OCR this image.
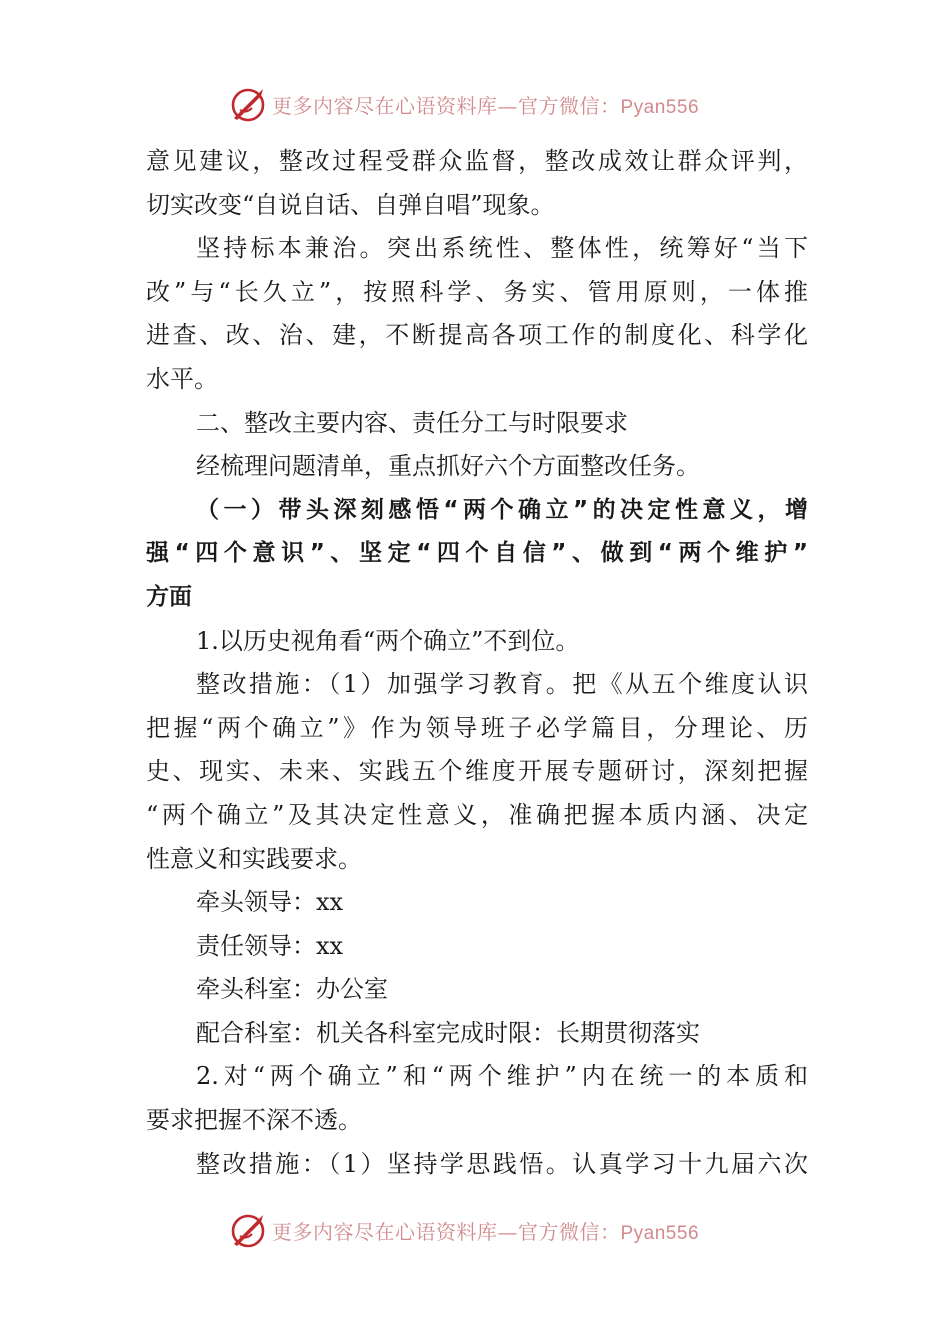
更多内容尽在心语资料库—官方微信：Pyan556
意见建议，整改过程受群众监督，整改成效让群众评判，
切实改变“自说自话、自弹自唱”现象。
坚持标本兼治。突出系统性、整体性，统筹好“当下
改”与“长久立”，按照科学、务实、管用原则，一体推
进查、改、治、建，不断提高各项工作的制度化、科学化
水平。
二、整改主要内容、责任分工与时限要求
经梳理问题清单，重点抓好六个方面整改任务。
（一）带头深刻感悟“两个确立”的决定性意义，增
强“四个意识”、坚定“四个自信”、做到“两个维护”
方面
1.以历史视角看“两个确立”不到位。
整改措施：（1）加强学习教育。把《从五个维度认识
把握“两个确立”》作为领导班子必学篇目，分理论、历
史、现实、未来、实践五个维度开展专题研讨，深刻把握
“两个确立”及其决定性意义，准确把握本质内涵、决定
性意义和实践要求。
牵头领导：xx
责任领导：xx
牵头科室：办公室
配合科室：机关各科室完成时限：长期贯彻落实
2.对“两个确立”和“两个维护”内在统一的本质和
要求把握不深不透。
整改措施：（1）坚持学思践悟。认真学习十九届六次
更多内容尽在心语资料库—官方微信：Pyan556
